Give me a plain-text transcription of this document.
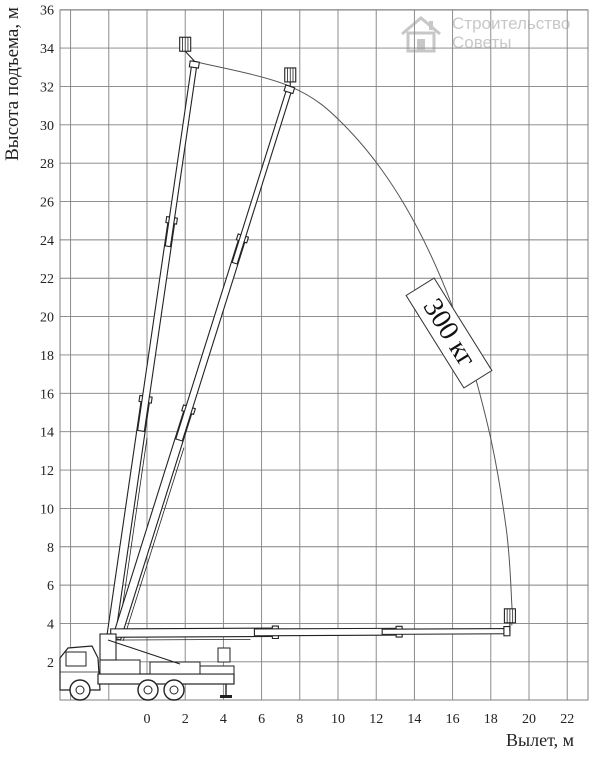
2
4
6
8
10
12
14
16
18
20
22
24
26
28
30
32
34
36
0 2 4 6 8 10 12 14 16 18 20 22
Высота подъема, м
Вылет, м
300 кг
Строительство
Советы
